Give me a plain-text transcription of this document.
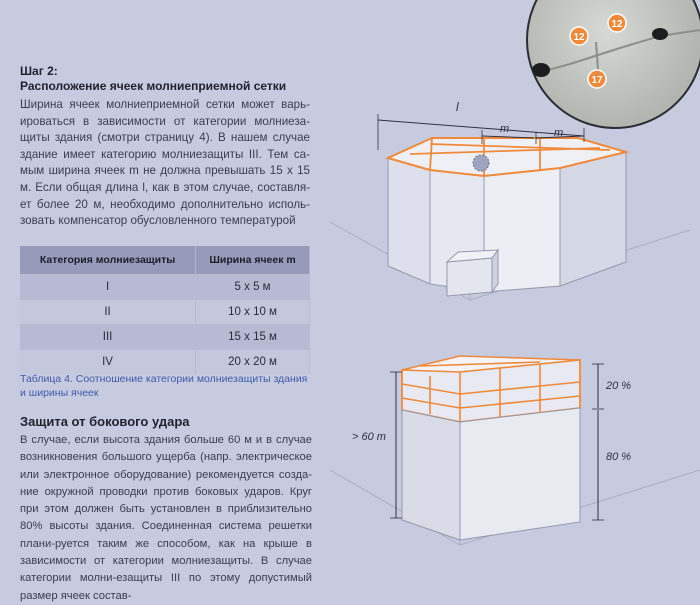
Шаг 2:
Расположение ячеек молниеприемной сетки

Ширина ячеек молниеприемной сетки может варь- ироваться в зависимости от категории молниеза-щиты здания (смотри страницу 4). В нашем случае здание имеет категорию молниезащиты III. Тем са- мым ширина ячеек m не должна превышать 15 x 15 м. Если общая длина l, как в этом случае, составля- ет более 20 м, необходимо дополнительно исполь-зовать компенсатор обусловленного температурой

Категория молниезащиты	Ширина ячеек m
I	5 x 5 м
II	10 x 10 м
III	15 x 15 м
IV	20 x 20 м

Таблица 4. Соотношение категории молниезащиты здания и ширины ячеек

Защита от бокового удара

В случае, если высота здания больше 60 м и в случае возникновения большого ущерба (напр. электрическое или электронное оборудование) рекомендуется созда-ние окружной проводки против боковых ударов. Круг при этом должен быть установлен в приблизительно 80% высоты здания. Соединенная система решетки плани-руется таким же способом, как на крыше в зависимости от категории молниезащиты. В случае категории молни-езащиты III по этому допустимый размер ячеек состав-

12
12
17
l
m	m
> 60 m
20 %
80 %
